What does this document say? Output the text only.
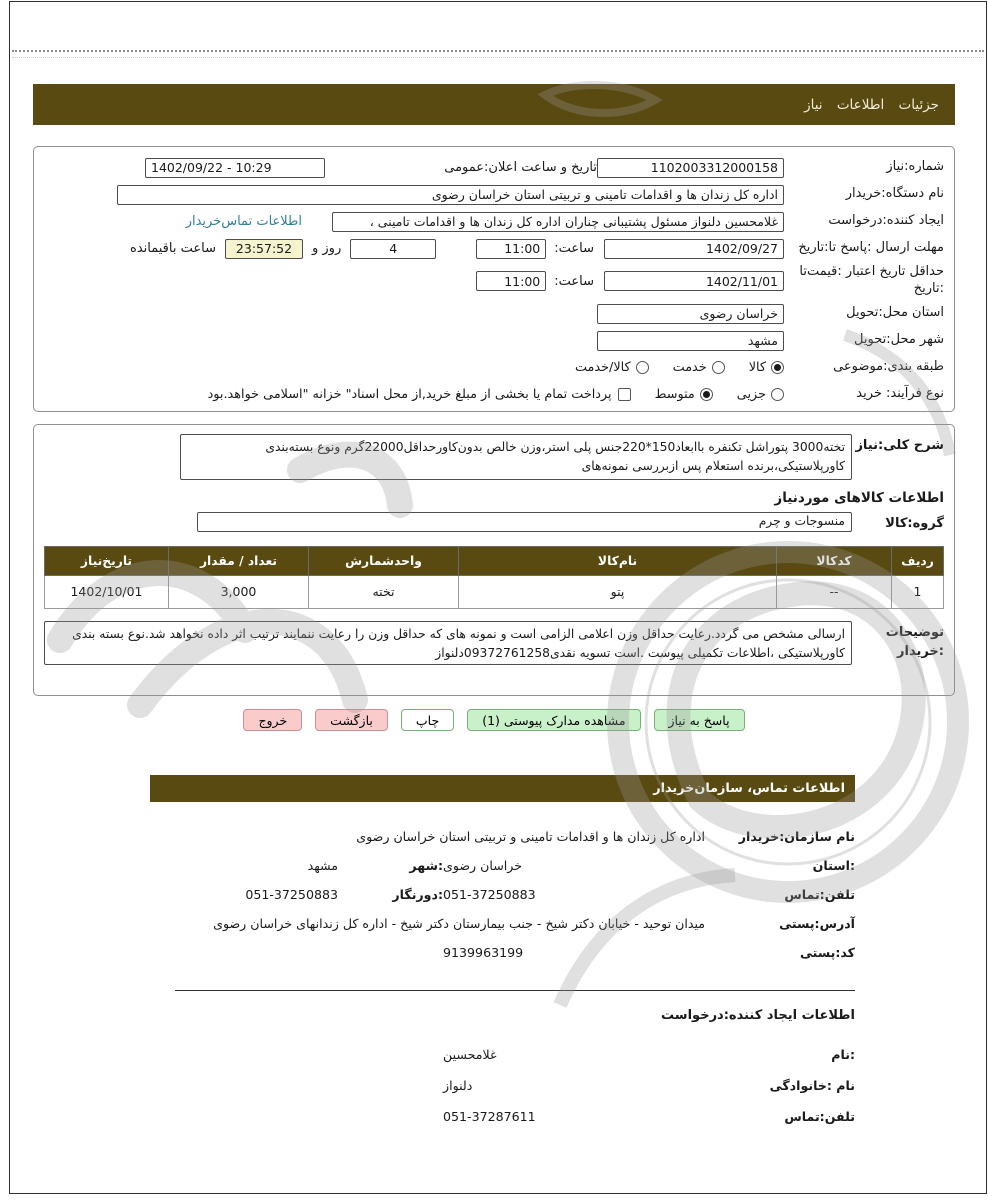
جزئیات اطلاعات نیاز
شماره:نیاز
1102003312000158
تاریخ و ساعت اعلان:عمومی
1402/09/22 - 10:29
نام دستگاه:خریدار
اداره کل زندان ها و اقدامات تامینی و تربیتی استان خراسان رضوی
ایجاد کننده:درخواست
غلامحسین دلنواز مسئول پشتیبانی چناران اداره کل زندان ها و اقدامات تامینی ،
اطلاعات تماس‌خریدار
مهلت ارسال :پاسخ تا:تاریخ
1402/09/27
ساعت:
11:00
4
روز و
23:57:52
ساعت باقیمانده
حداقل تاریخ اعتبار :قیمت‌تا
:تاریخ
1402/11/01
ساعت:
11:00
استان محل:تحویل
خراسان رضوی
شهر محل:تحویل
مشهد
طبقه بندی:موضوعی
کالا
خدمت
کالا/خدمت
نوع فرآیند: خرید
جزیی
متوسط
پرداخت تمام یا بخشی از مبلغ خرید,از محل اسناد" خزانه "اسلامی خواهد.بود
شرح کلی:نیاز
تخته3000 پتوراشل تکنفره باابعاد150*220جنس پلی استر،وزن خالص بدون‌کاورحداقل22000گرم ونوع بسته‌بندی کاورپلاستیکی،برنده استعلام پس ازبررسی نمونه‌های
اطلاعات کالاهای موردنیاز
گروه:کالا
منسوجات و چرم
ردیف	کدکالا	نام‌کالا	واحدشمارش	تعداد / مقدار	تاریخ‌نیاز
1	--	پتو	تخته	3,000	1402/10/01
توضیحات
:خریدار
ارسالی مشخص می گردد.رعایت حداقل وزن اعلامی الزامی است و نمونه های که حداقل وزن را رعایت ننمایند ترتیب اثر داده نخواهد شد.نوع بسته بندی کاورپلاستیکی ،اطلاعات تکمیلی پیوست .است تسویه نقدی09372761258دلنواز
پاسخ به نیاز
مشاهده مدارک پیوستی (1)
چاپ
بازگشت
خروج
اطلاعات تماس، سازمان‌خریدار
نام سازمان:خریدار
اداره کل زندان ها و اقدامات تامینی و تربیتی استان خراسان رضوی
:استان
خراسان رضوی
:شهر
مشهد
تلفن:تماس
051-37250883
:دورنگار
051-37250883
آدرس:پستی
میدان توحید - خیابان دکتر شیخ - جنب بیمارستان دکتر شیخ - اداره کل زندانهای خراسان رضوی
کد:پستی
9139963199
اطلاعات ایجاد کننده:درخواست
:نام
غلامحسین
نام :خانوادگی
دلنواز
تلفن:تماس
051-37287611
